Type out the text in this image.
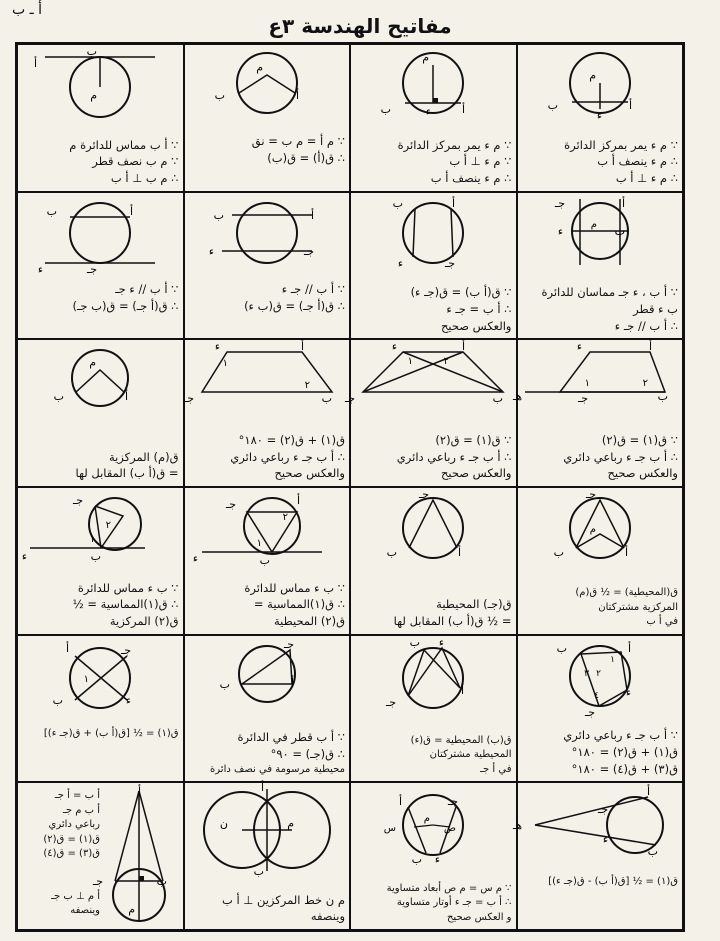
أ ـ ب
مفاتيح الهندسة ٣ع
أ
ب
ء
م
∵ م ء يمر بمركز الدائرة
∴ م ء ينصف أ ب
∴ م ء ⊥ أ ب
أ
ب	ء
م
∵ م ء يمر بمركز الدائرة
∵ م ء ⊥ أ ب
∴ م ء ينصف أ ب
أ
ب
م
∵ م أ = م ب = نق
∴ ق(أ) = ق(ب)
أ
ب
م
∵ أ ب مماس للدائرة م
∵ م ب نصف قطر
∴ م ب ⊥ أ ب
أ
ب
ء
جـ
م
∵ أ ب ، ء جـ مماسان للدائرة
ب ء قطر
∴ أ ب // جـ ء
ب	أ
ء	جـ
∵ ق(أ ب) = ق(جـ ء)
∴ أ ب = جـ ء
والعكس صحيح
أ
ب
جـ
ء
∵ أ ب // جـ ء
∴ ق(أ جـ) = ق(ب ء)
أ
ب
جـ
ء
∵ أ ب // ء جـ
∴ ق(أ جـ) = ق(ب جـ)
أ
ب
جـ
ء
هـ
١	٢
∵ ق(١) = ق(٢)
∴ أ ب جـ ء رباعي دائري
والعكس صحيح
أ
ب
جـ
ء
١	٢
∵ ق(١) = ق(٢)
∴ أ ب جـ ء رباعي دائري
والعكس صحيح
أ
ب
جـ
ء
١
٢
ق(١) + ق(٢) = ١٨٠°
∴ أ ب جـ ء رباعي دائري
والعكس صحيح
أ
ب
م
ق(م) المركزية
= ق(أ ب) المقابل لها
أ
ب
جـ
م
ق(المحيطية) = ½ ق(م)
المركزية مشتركتان
في أ ب
أ
ب
جـ
ق(جـ) المحيطية
= ½ ق(أ ب) المقابل لها
أ
ب
جـ
ء
١
٢
∵ ب ء مماس للدائرة
∴ ق(١)المماسية =
ق(٢) المحيطية
جـ
ب
ء
٢
١
∵ ب ء مماس للدائرة
∴ ق(١)المماسية = ½
ق(٢) المركزية
أ
ب
جـ
ء
١
٢
٣
٤
∵ أ ب جـ ء رباعي دائري
ق(١) + ق(٢) = ١٨٠°
ق(٣) + ق(٤) = ١٨٠°
أ
ب
جـ
ء
ق(ب) المحيطية = ق(ء)
المحيطية مشتركتان
في أ جـ
أ
ب
جـ
∵ أ ب قطر في الدائرة
∴ ق(جـ) = ٩٠°
محيطية مرسومة في نصف دائرة
أ
ب
جـ
ء
١
ق(١) = ½ [ق(أ ب) + ق(جـ ء)]
أ
ب
جـ
ء
هـ
ق(١) = ½ [ق(أ ب) - ق(جـ ء)]
أ
ب
جـ
ء
س	ص
م
∵ م س = م ص أبعاد متساوية
∴ أ ب = جـ ء أوتار متساوية
و العكس صحيح
أ
ب
م
ن
م ن خط المركزين ⊥ أ ب
وينصفه
أ
ب
جـ
م
أ ب = أ جـ
أ ب م جـ
رباعي دائري
ق(١) = ق(٢)
ق(٣) = ق(٤)
أ م ⊥ ب جـ
وينصفه
